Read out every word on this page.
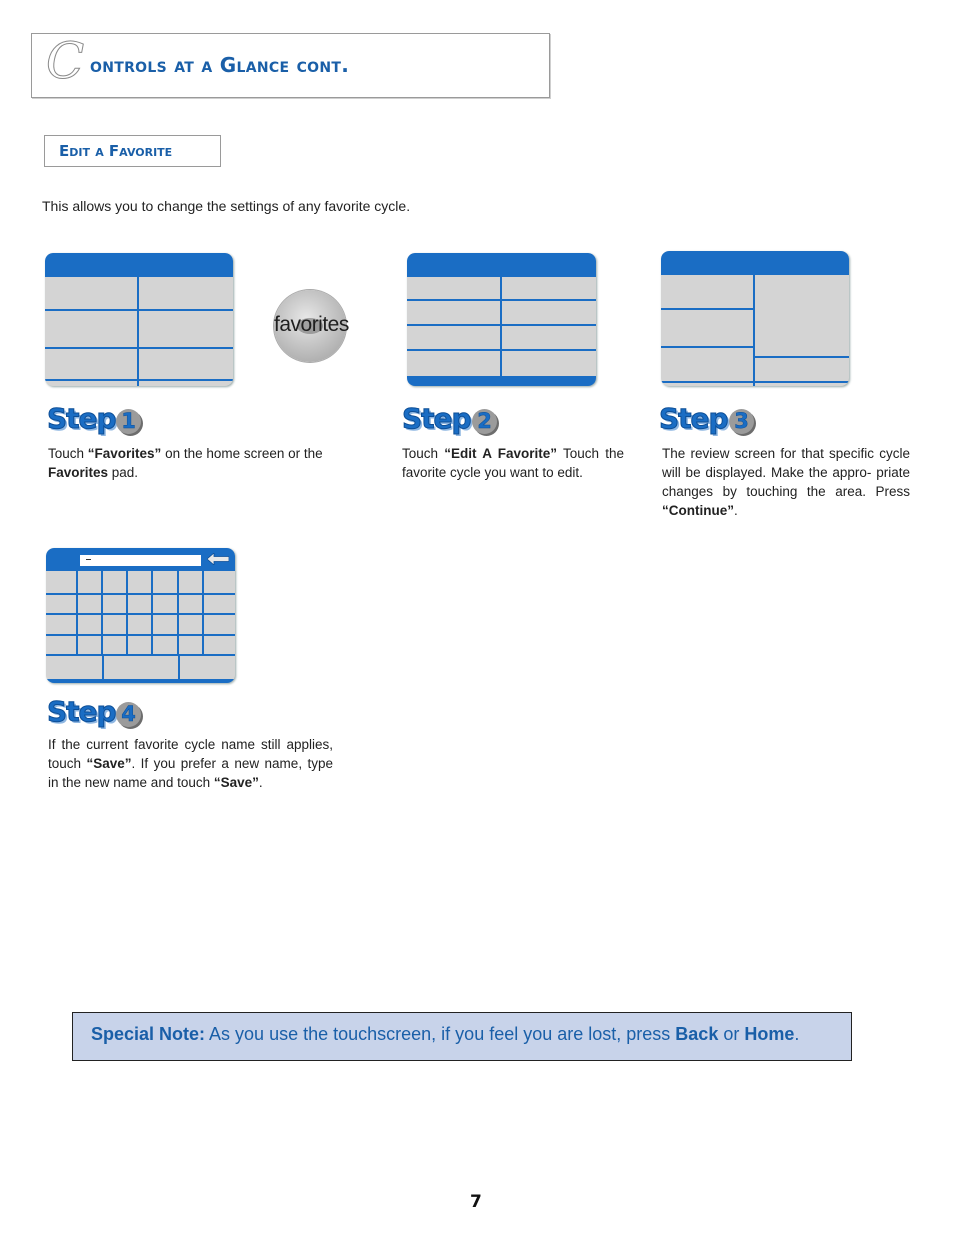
C ontrols at a Glance cont.
Edit a Favorite
This allows you to change the settings of any favorite cycle.
favorites
Step 1
Touch “Favorites” on the home screen or the Favorites pad.
Step 2
Touch “Edit A Favorite” Touch the favorite cycle you want to edit.
Step 3
The review screen for that specific cycle will be displayed. Make the appro- priate changes by touching the area. Press “Continue”.
Step 4
If the current favorite cycle name still applies, touch “Save”. If you prefer a new name, type in the new name and touch “Save”.
Special Note: As you use the touchscreen, if you feel you are lost, press Back or Home.
7
